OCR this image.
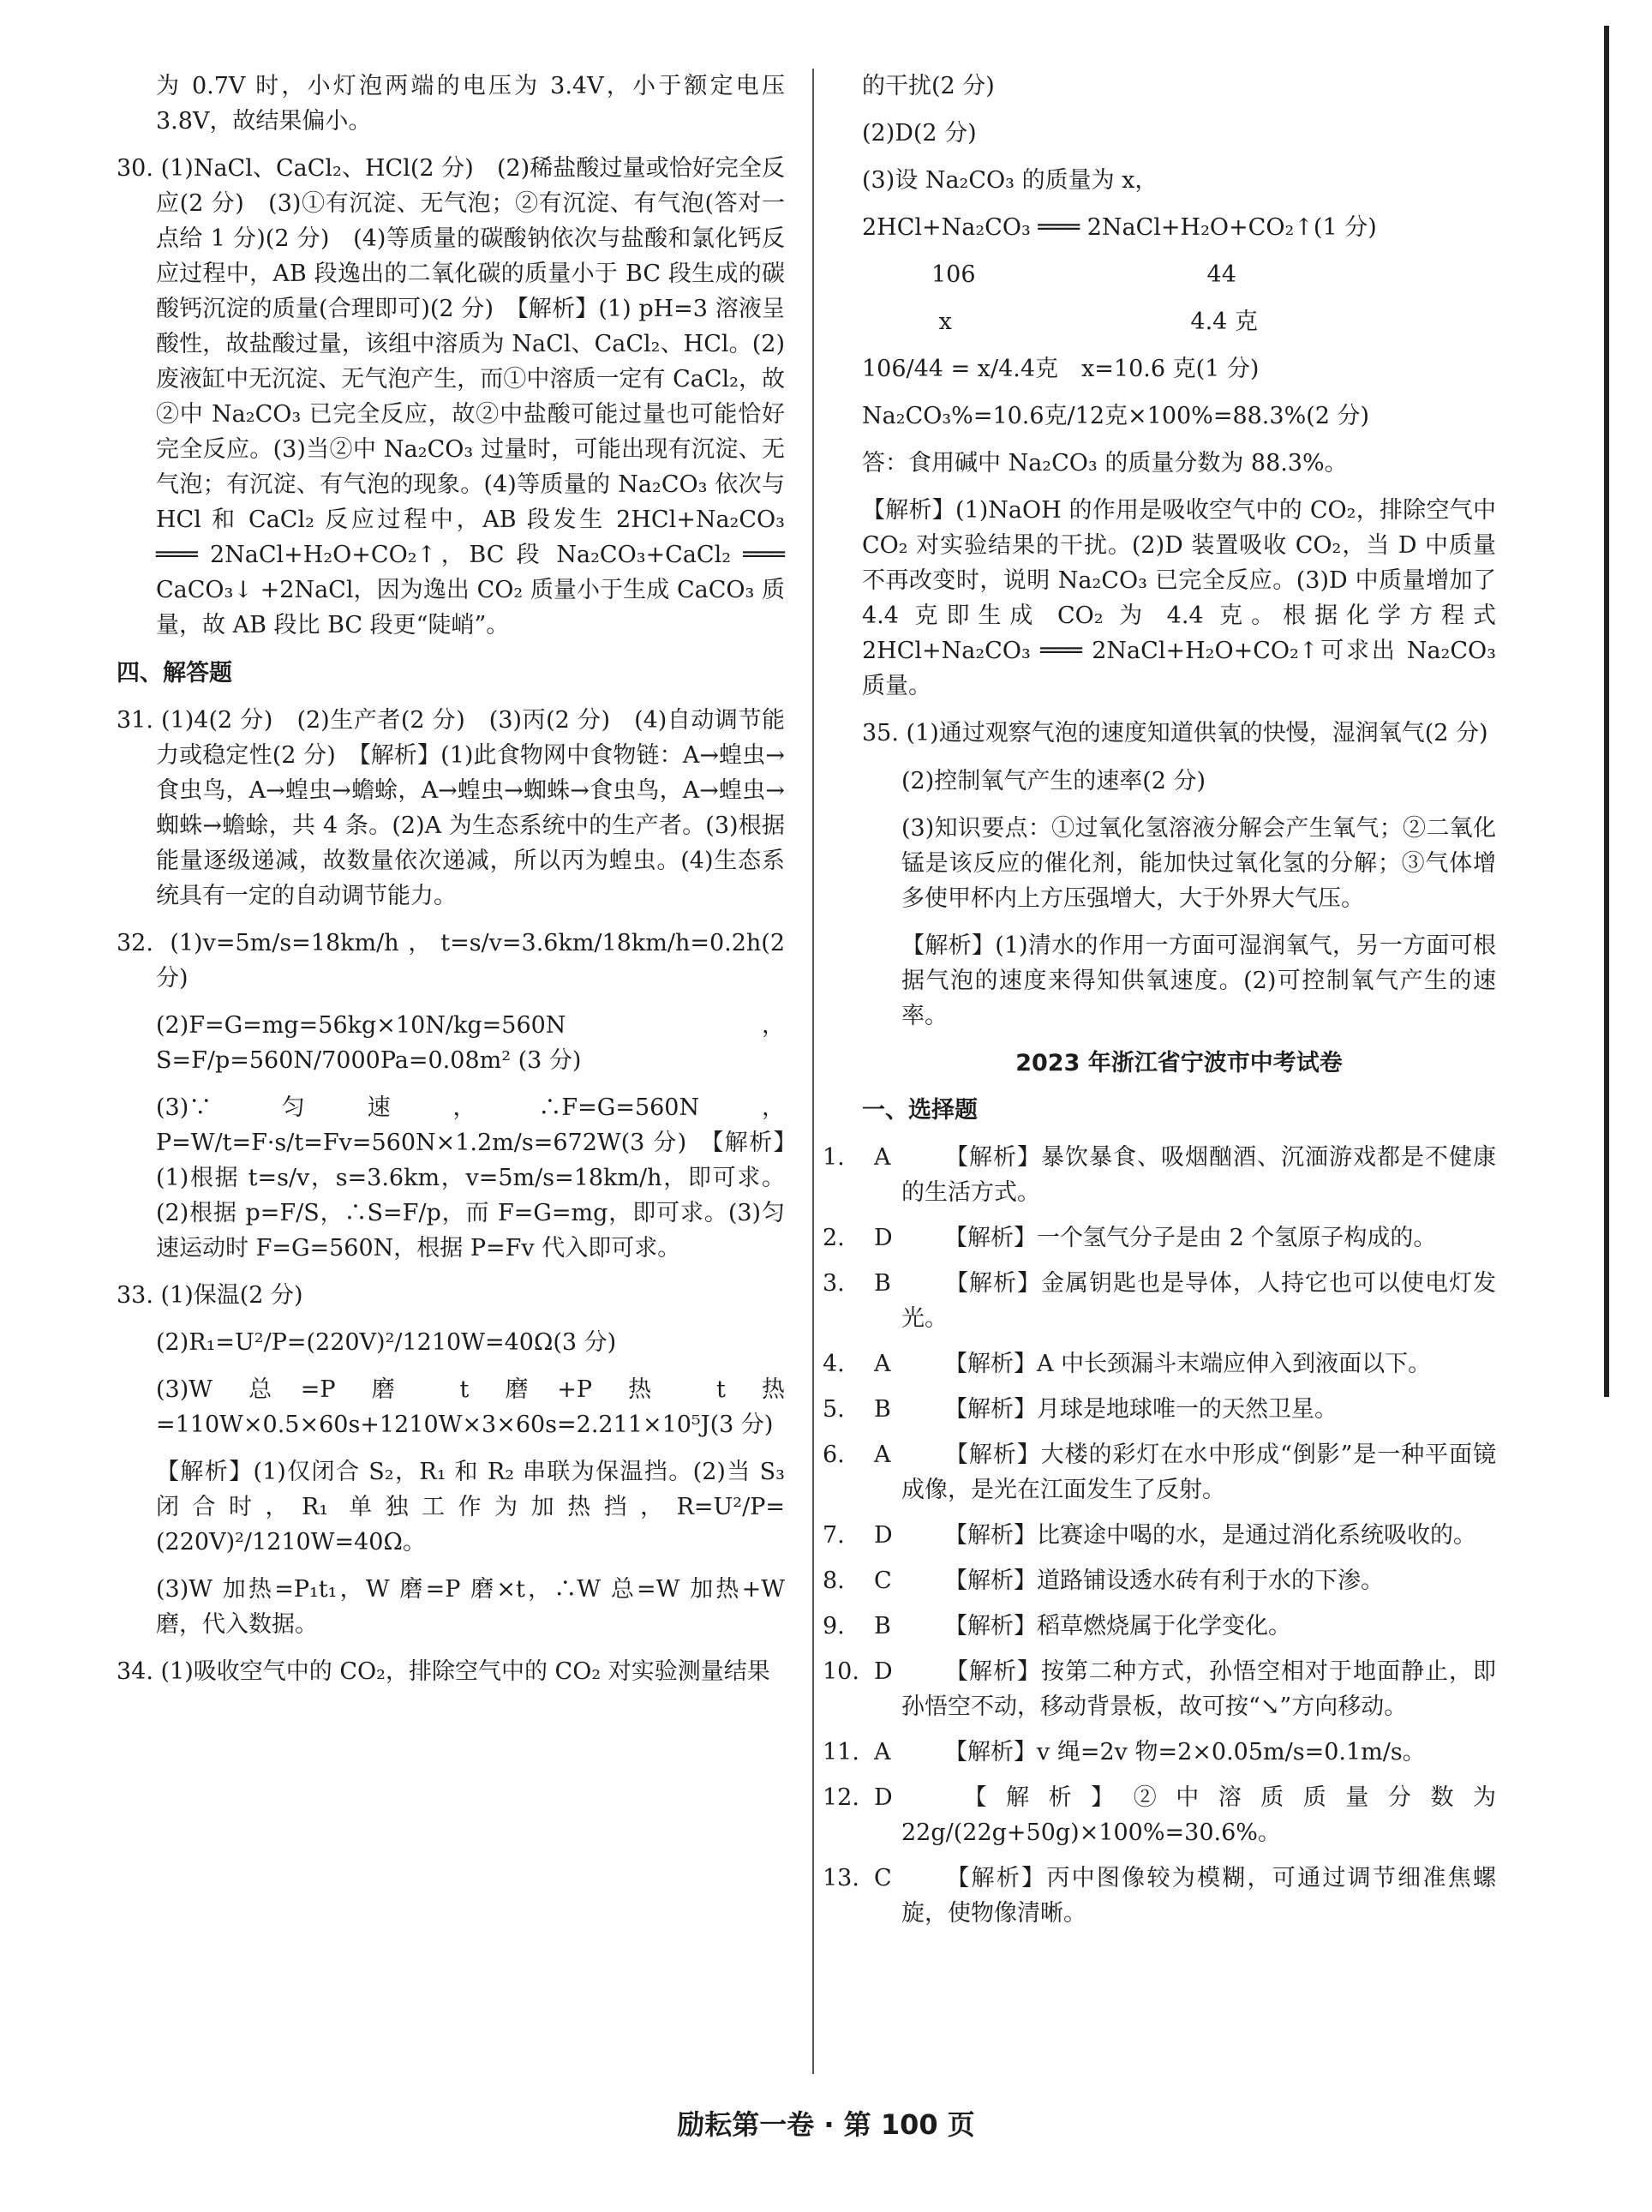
为 0.7V 时，小灯泡两端的电压为 3.4V，小于额定电压 3.8V，故结果偏小。
30. (1)NaCl、CaCl₂、HCl(2 分)　(2)稀盐酸过量或恰好完全反应(2 分)　(3)①有沉淀、无气泡；②有沉淀、有气泡(答对一点给 1 分)(2 分)　(4)等质量的碳酸钠依次与盐酸和氯化钙反应过程中，AB 段逸出的二氧化碳的质量小于 BC 段生成的碳酸钙沉淀的质量(合理即可)(2 分)　【解析】(1) pH=3 溶液呈酸性，故盐酸过量，该组中溶质为 NaCl、CaCl₂、HCl。(2)废液缸中无沉淀、无气泡产生，而①中溶质一定有 CaCl₂，故②中 Na₂CO₃ 已完全反应，故②中盐酸可能过量也可能恰好完全反应。(3)当②中 Na₂CO₃ 过量时，可能出现有沉淀、无气泡；有沉淀、有气泡的现象。(4)等质量的 Na₂CO₃ 依次与 HCl 和 CaCl₂ 反应过程中，AB 段发生 2HCl+Na₂CO₃ ═══ 2NaCl+H₂O+CO₂↑，BC 段 Na₂CO₃+CaCl₂ ═══ CaCO₃↓ +2NaCl，因为逸出 CO₂ 质量小于生成 CaCO₃ 质量，故 AB 段比 BC 段更“陡峭”。
四、解答题
31. (1)4(2 分)　(2)生产者(2 分)　(3)丙(2 分)　(4)自动调节能力或稳定性(2 分)　【解析】(1)此食物网中食物链：A→蝗虫→食虫鸟，A→蝗虫→蟾蜍，A→蝗虫→蜘蛛→食虫鸟，A→蝗虫→蜘蛛→蟾蜍，共 4 条。(2)A 为生态系统中的生产者。(3)根据能量逐级递减，故数量依次递减，所以丙为蝗虫。(4)生态系统具有一定的自动调节能力。
32. (1)v=5m/s=18km/h，t=s/v=3.6km/18km/h=0.2h(2 分)
(2)F=G=mg=56kg×10N/kg=560N，S=F/p=560N/7000Pa=0.08m² (3 分)
(3)∵ 匀速，∴F=G=560N，P=W/t=F·s/t=Fv=560N×1.2m/s=672W(3 分)　【解析】(1)根据 t=s/v，s=3.6km，v=5m/s=18km/h，即可求。(2)根据 p=F/S，∴S=F/p，而 F=G=mg，即可求。(3)匀速运动时 F=G=560N，根据 P=Fv 代入即可求。
33. (1)保温(2 分)
(2)R₁=U²/P=(220V)²/1210W=40Ω(3 分)
(3)W 总=P 磨 t 磨+P 热 t 热=110W×0.5×60s+1210W×3×60s=2.211×10⁵J(3 分)
【解析】(1)仅闭合 S₂，R₁ 和 R₂ 串联为保温挡。(2)当 S₃ 闭合时，R₁ 单独工作为加热挡，R=U²/P=(220V)²/1210W=40Ω。
(3)W 加热=P₁t₁，W 磨=P 磨×t，∴W 总=W 加热+W 磨，代入数据。
34. (1)吸收空气中的 CO₂，排除空气中的 CO₂ 对实验测量结果
的干扰(2 分)
(2)D(2 分)
(3)设 Na₂CO₃ 的质量为 x，
2HCl+Na₂CO₃ ═══ 2NaCl+H₂O+CO₂↑(1 分)
　　　106　　　　　　　　　　44
　　　 x　　　　　　　　　　 4.4 克
106/44 = x/4.4克　x=10.6 克(1 分)
Na₂CO₃%=10.6克/12克×100%=88.3%(2 分)
答：食用碱中 Na₂CO₃ 的质量分数为 88.3%。
【解析】(1)NaOH 的作用是吸收空气中的 CO₂，排除空气中 CO₂ 对实验结果的干扰。(2)D 装置吸收 CO₂，当 D 中质量不再改变时，说明 Na₂CO₃ 已完全反应。(3)D 中质量增加了 4.4 克即生成 CO₂ 为 4.4 克。根据化学方程式 2HCl+Na₂CO₃ ═══ 2NaCl+H₂O+CO₂↑可求出 Na₂CO₃ 质量。
35. (1)通过观察气泡的速度知道供氧的快慢，湿润氧气(2 分)
(2)控制氧气产生的速率(2 分)
(3)知识要点：①过氧化氢溶液分解会产生氧气；②二氧化锰是该反应的催化剂，能加快过氧化氢的分解；③气体增多使甲杯内上方压强增大，大于外界大气压。
【解析】(1)清水的作用一方面可湿润氧气，另一方面可根据气泡的速度来得知供氧速度。(2)可控制氧气产生的速率。
2023 年浙江省宁波市中考试卷
一、选择题
1. A 【解析】暴饮暴食、吸烟酗酒、沉湎游戏都是不健康的生活方式。
2. D 【解析】一个氢气分子是由 2 个氢原子构成的。
3. B 【解析】金属钥匙也是导体，人持它也可以使电灯发光。
4. A 【解析】A 中长颈漏斗末端应伸入到液面以下。
5. B 【解析】月球是地球唯一的天然卫星。
6. A 【解析】大楼的彩灯在水中形成“倒影”是一种平面镜成像，是光在江面发生了反射。
7. D 【解析】比赛途中喝的水，是通过消化系统吸收的。
8. C 【解析】道路铺设透水砖有利于水的下渗。
9. B 【解析】稻草燃烧属于化学变化。
10. D 【解析】按第二种方式，孙悟空相对于地面静止，即孙悟空不动，移动背景板，故可按“↘”方向移动。
11. A 【解析】v 绳=2v 物=2×0.05m/s=0.1m/s。
12. D 【解析】②中溶质质量分数为 22g/(22g+50g)×100%=30.6%。
13. C 【解析】丙中图像较为模糊，可通过调节细准焦螺旋，使物像清晰。
励耘第一卷 · 第 100 页
